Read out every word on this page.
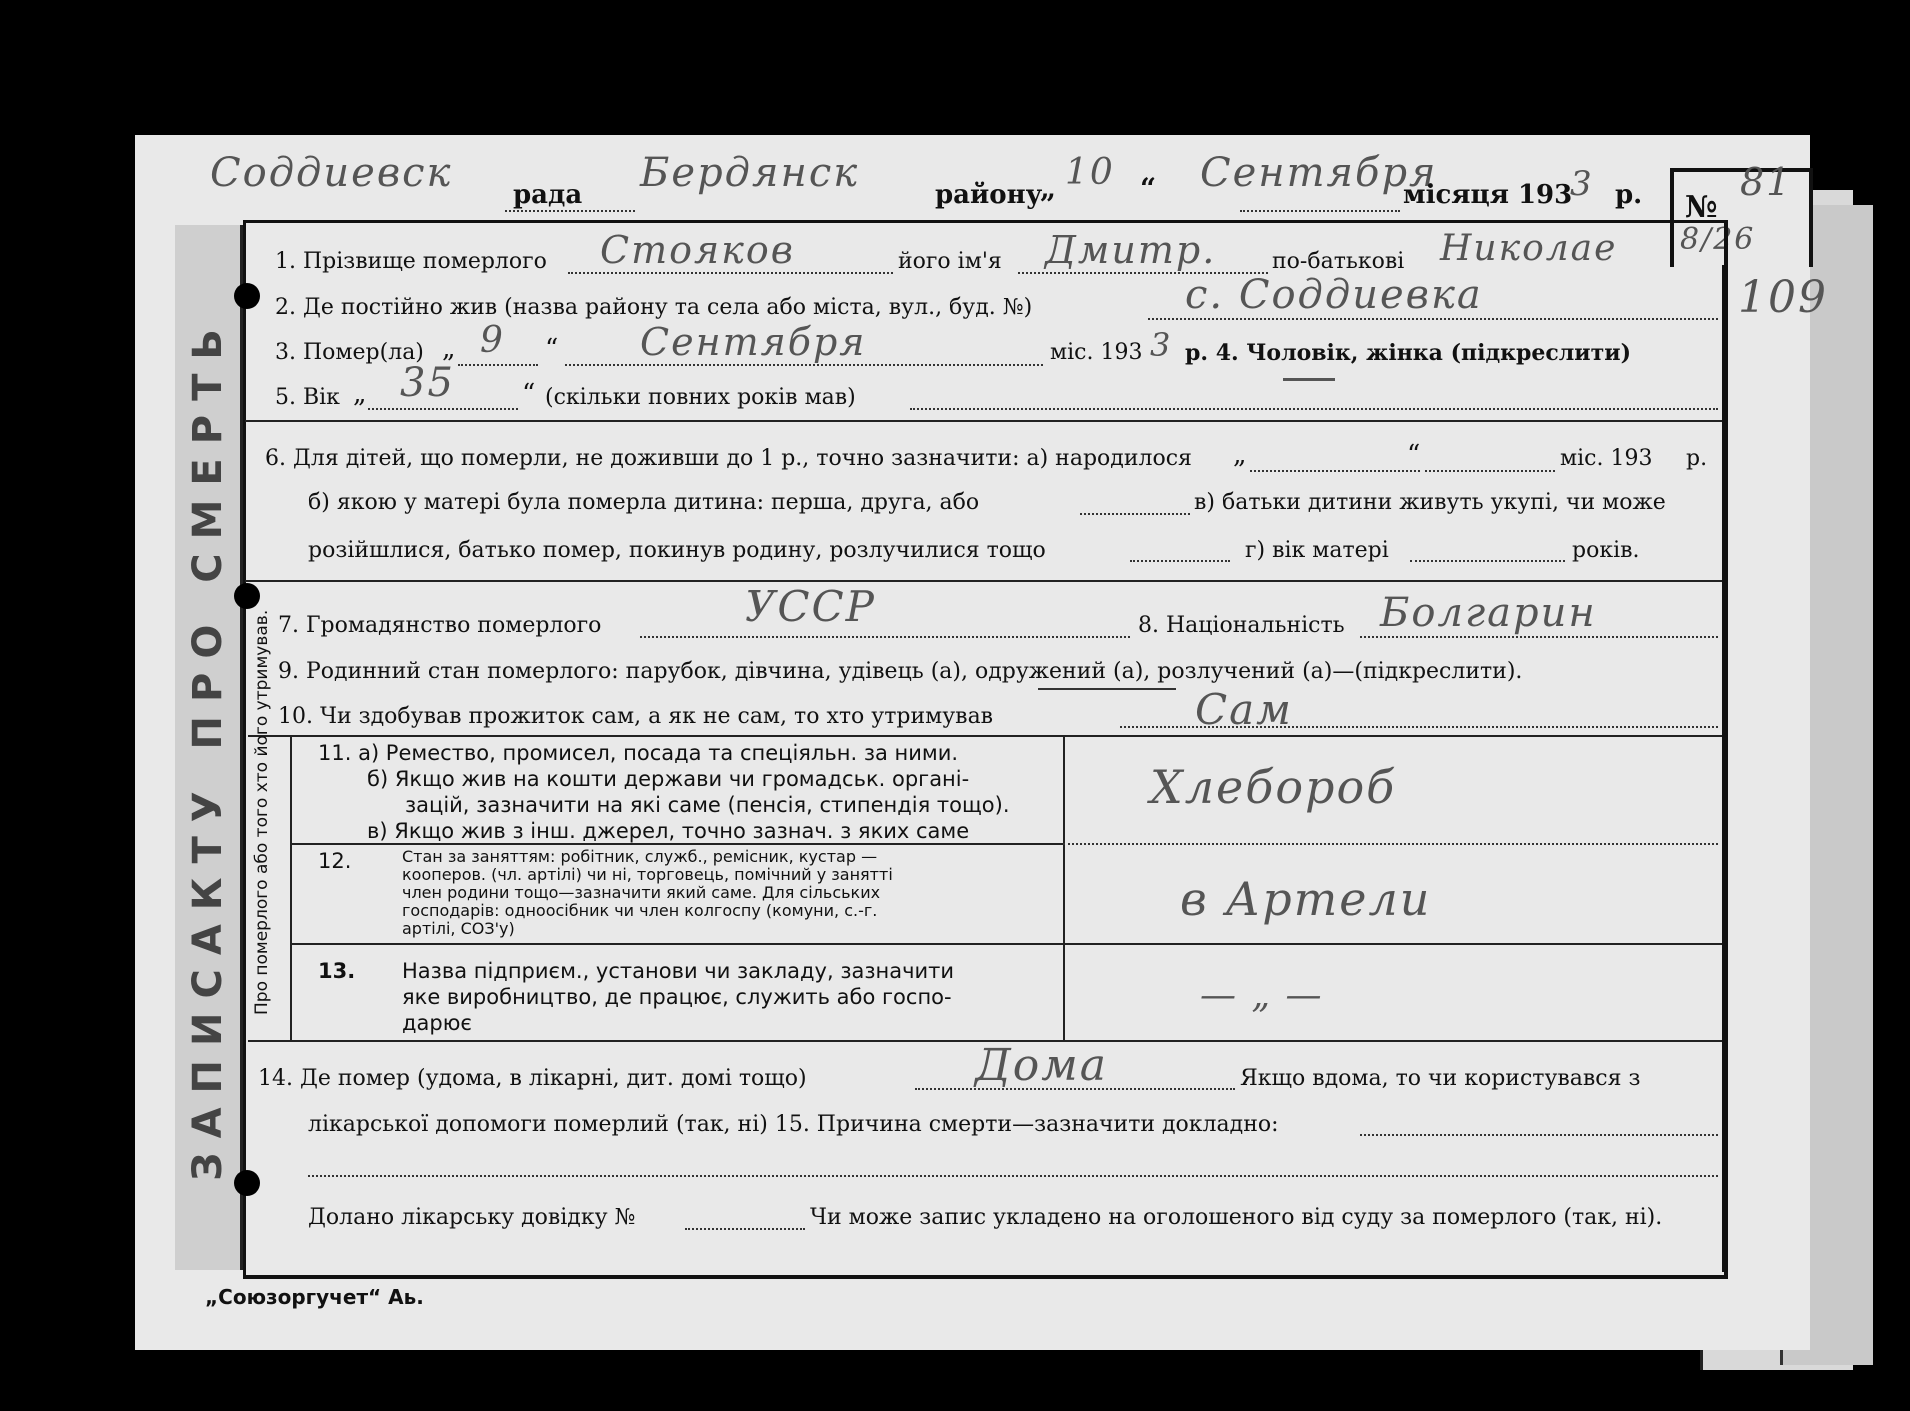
ЗАПИСАКТУ ПРО СМЕРТЬ
Соддиевск рада Бердянск	району
„ 10 “ Сентября
місяця 193
3 р. №
81
8/26
109
1. Прізвище померлого Стояков	його ім'я Дмитр.	по-батькові Николае
2. Де постійно жив (назва району та села або міста, вул., буд. №)	с. Соддиевка
3. Помер(ла) „ 9 “ Сентября	міс. 193 3 р. 4. Чоловік, жінка (підкреслити)
5. Вік „ 35	“ (скільки повних років мав)
6. Для дітей, що померли, не доживши до 1 р., точно зазначити: а) народилося „	“	міс. 193 р.
б) якою у матері була померла дитина: перша, друга, або	в) батьки дитини живуть укупі, чи може
розійшлися, батько помер, покинув родину, розлучилися тощо	г) вік матері	років.
7. Громадянство померлого	УССР	8. Національність Болгарин
9. Родинний стан померлого: парубок, дівчина, удівець (а), одружений (а), розлучений (а)—(підкреслити).
10. Чи здобував прожиток сам, а як не сам, то хто утримував	Сам
Про померлого або того хто його утримував. 11. а) Ремество, промисел, посада та спеціяльн. за ними.
б) Якщо жив на кошти держави чи громадськ. органі-
зацій, зазначити на які саме (пенсія, стипендія тощо).
в) Якщо жив з інш. джерел, точно зазнач. з яких саме
Хлебороб
12.	Стан за заняттям: робітник, служб., ремісник, кустар —
кооперов. (чл. артілі) чи ні, торговець, помічний у занятті
член родини тощо—зазначити який саме. Для сільських
господарів: одноосібник чи член колгоспу (комуни, с.-г.
артілі, СОЗ'у)
в Артели
13. Назва підприєм., установи чи закладу, зазначити
яке виробництво, де працює, служить або госпо-
дарює
— „ —
14. Де помер (удома, в лікарні, дит. домі тощо)	Дома	Якщо вдома, то чи користувався з
лікарської допомоги померлий (так, ні) 15. Причина смерти—зазначити докладно:
Долано лікарську довідку №	Чи може запис укладено на оголошеного від суду за померлого (так, ні).
„Союзоргучет“ Аь.
